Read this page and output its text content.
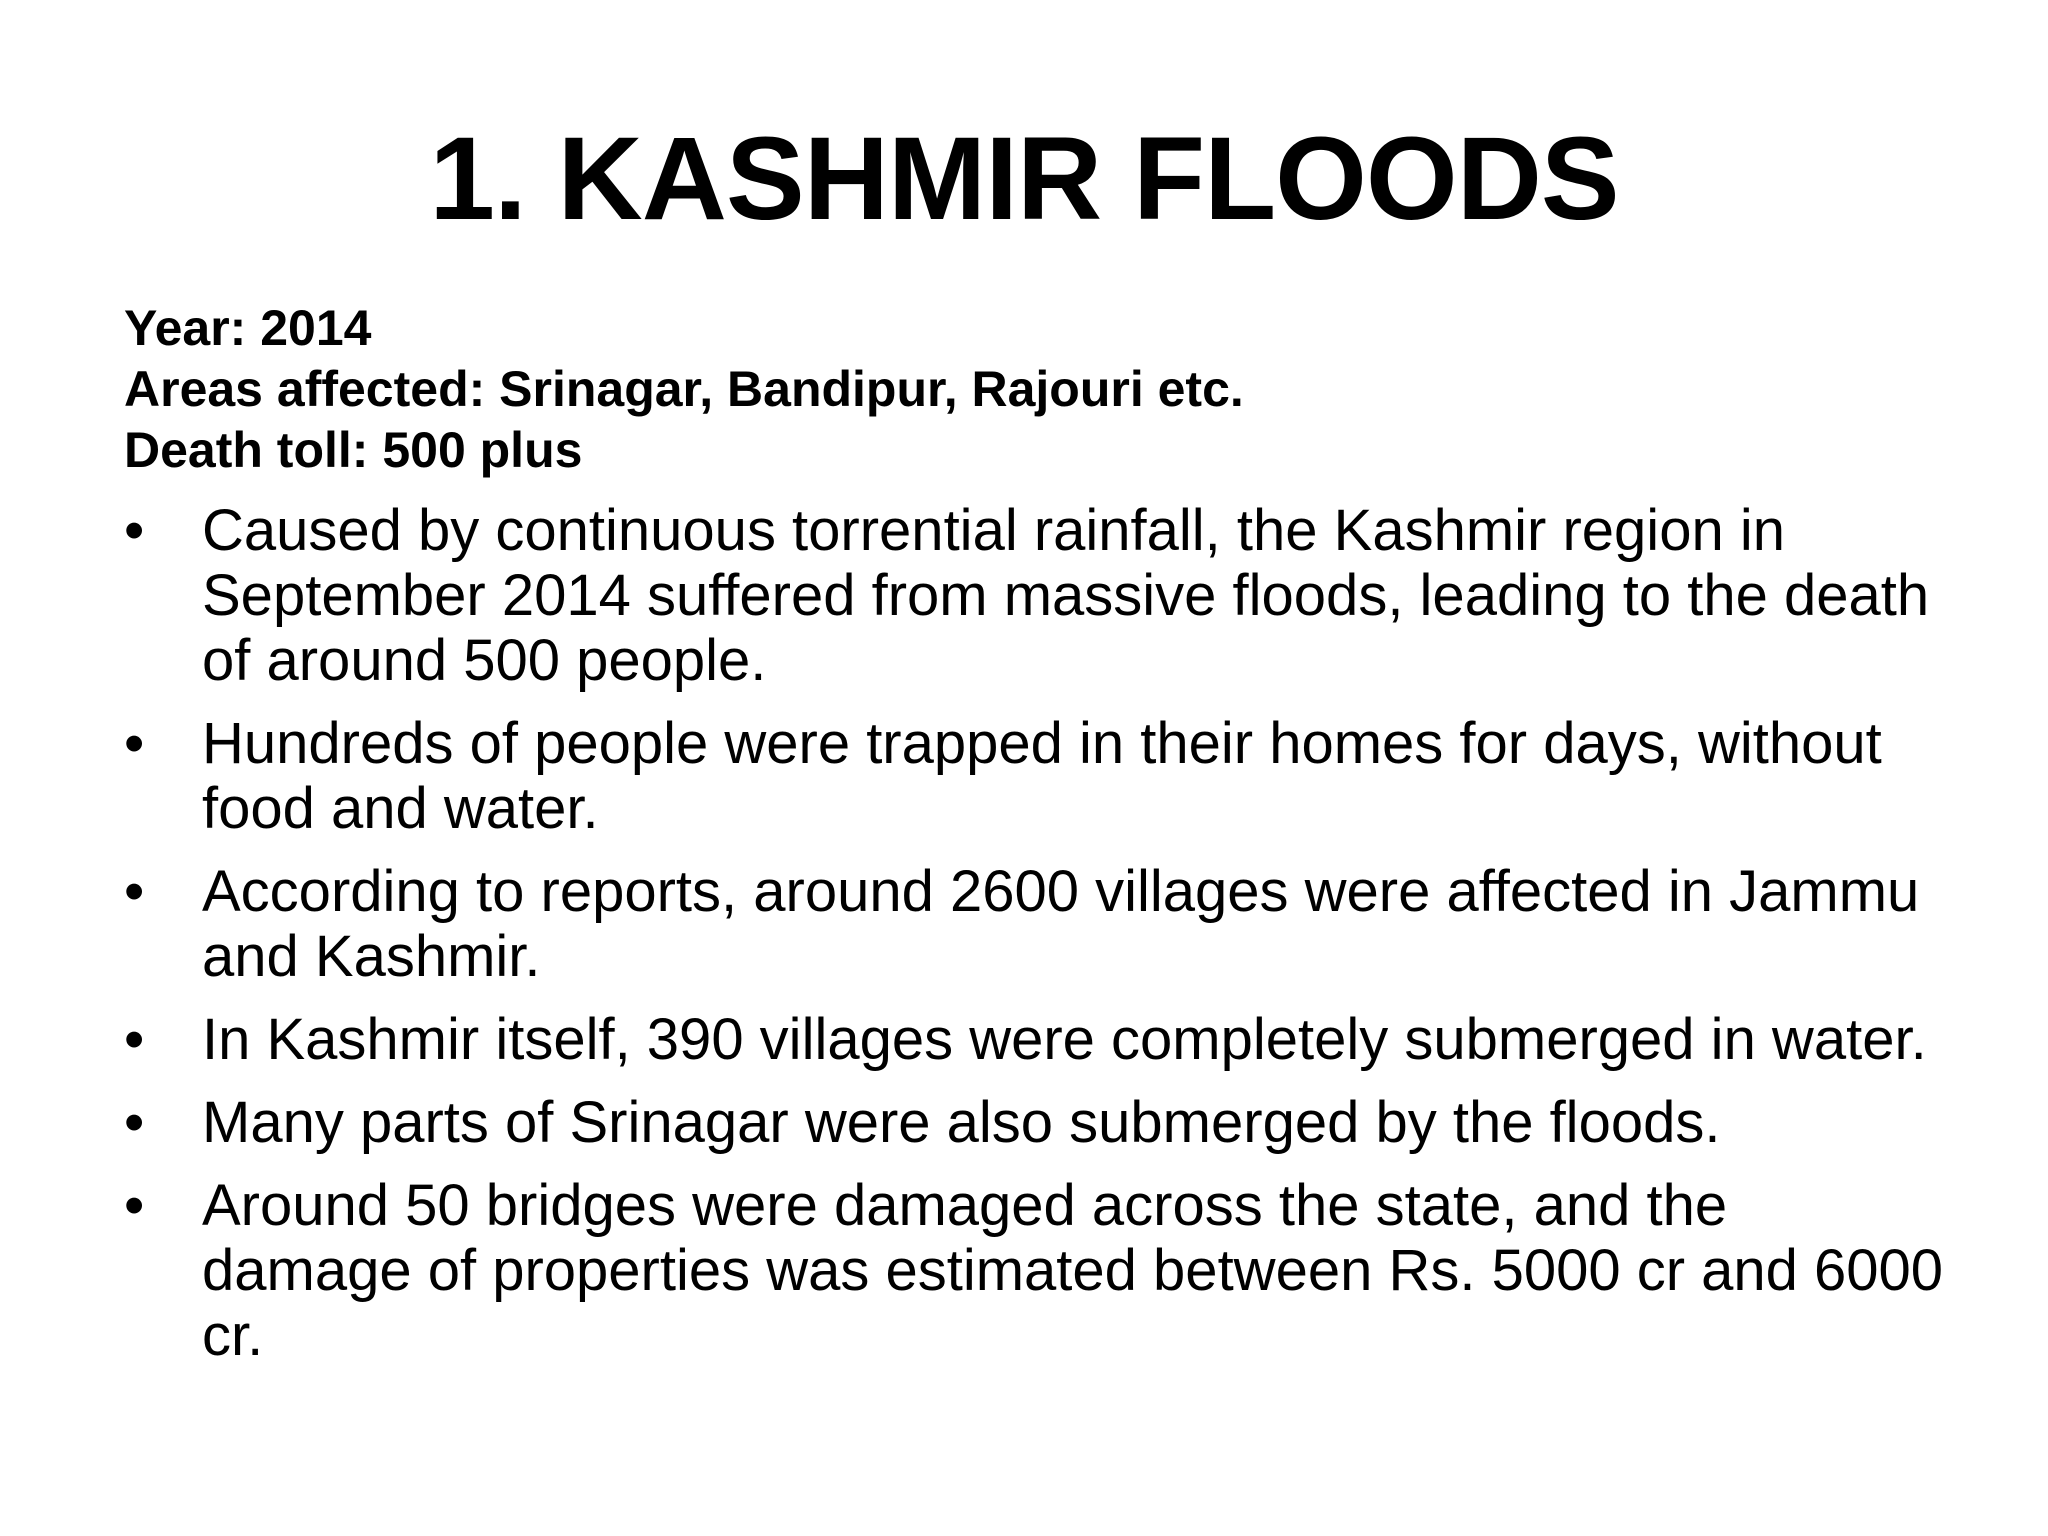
1. KASHMIR FLOODS
Year: 2014
Areas affected: Srinagar, Bandipur, Rajouri etc.
Death toll: 500 plus
• Caused by continuous torrential rainfall, the Kashmir region in September 2014 suffered from massive floods, leading to the death of around 500 people.
• Hundreds of people were trapped in their homes for days, without food and water.
• According to reports, around 2600 villages were affected in Jammu and Kashmir.
• In Kashmir itself, 390 villages were completely submerged in water.
• Many parts of Srinagar were also submerged by the floods.
• Around 50 bridges were damaged across the state, and the damage of properties was estimated between Rs. 5000 cr and 6000 cr.
